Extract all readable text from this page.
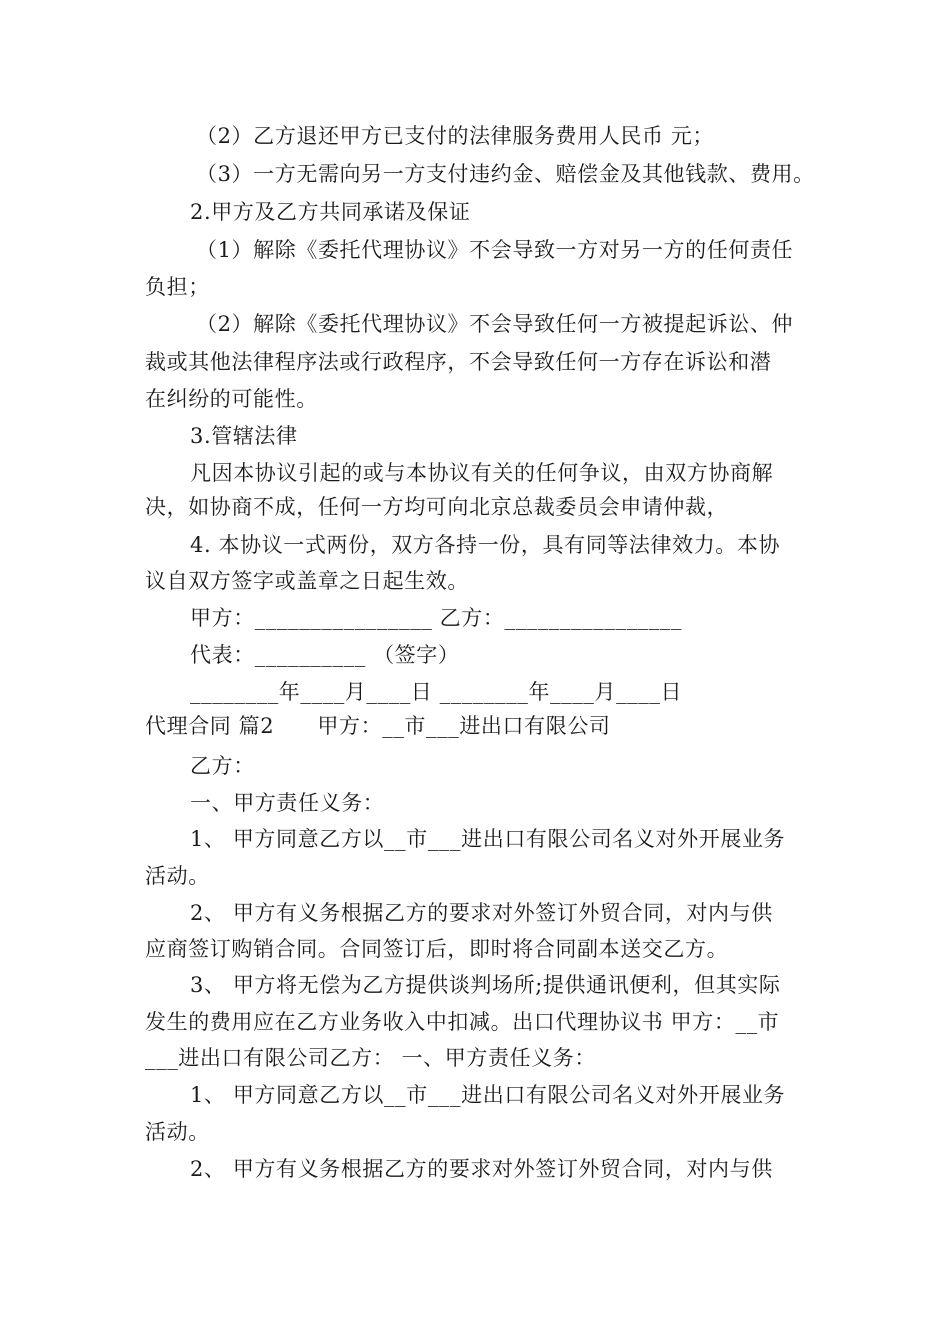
（2）乙方退还甲方已支付的法律服务费用人民币 元；
（3）一方无需向另一方支付违约金、赔偿金及其他钱款、费用。
2.甲方及乙方共同承诺及保证
（1）解除《委托代理协议》不会导致一方对另一方的任何责任
负担；
（2）解除《委托代理协议》不会导致任何一方被提起诉讼、仲
裁或其他法律程序法或行政程序，不会导致任何一方存在诉讼和潜
在纠纷的可能性。
3.管辖法律
凡因本协议引起的或与本协议有关的任何争议，由双方协商解
决，如协商不成，任何一方均可向北京总裁委员会申请仲裁，
4. 本协议一式两份，双方各持一份，具有同等法律效力。本协
议自双方签字或盖章之日起生效。
甲方：________________ 乙方：________________
代表：__________ （签字）
________年____月____日 ________年____月____日
代理合同 篇2　　甲方：__市___进出口有限公司
乙方：
一、甲方责任义务：
1、 甲方同意乙方以__市___进出口有限公司名义对外开展业务
活动。
2、 甲方有义务根据乙方的要求对外签订外贸合同，对内与供
应商签订购销合同。合同签订后，即时将合同副本送交乙方。
3、 甲方将无偿为乙方提供谈判场所;提供通讯便利，但其实际
发生的费用应在乙方业务收入中扣减。出口代理协议书 甲方：__市
___进出口有限公司乙方： 一、甲方责任义务：
1、 甲方同意乙方以__市___进出口有限公司名义对外开展业务
活动。
2、 甲方有义务根据乙方的要求对外签订外贸合同，对内与供
